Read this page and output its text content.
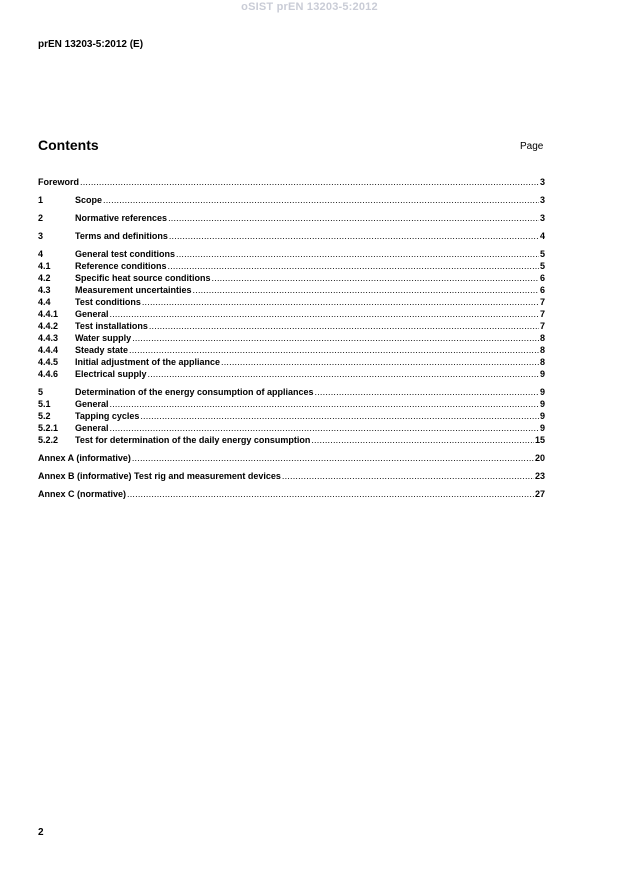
oSIST prEN 13203-5:2012
prEN 13203-5:2012 (E)
Contents	Page
Foreword .....	3
1	Scope .....	3
2	Normative references .....	3
3	Terms and definitions .....	4
4	General test conditions .....	5
4.1	Reference conditions .....	5
4.2	Specific heat source conditions .....	6
4.3	Measurement uncertainties .....	6
4.4	Test conditions .....	7
4.4.1	General .....	7
4.4.2	Test installations .....	7
4.4.3	Water supply .....	8
4.4.4	Steady state .....	8
4.4.5	Initial adjustment of the appliance .....	8
4.4.6	Electrical supply .....	9
5	Determination of the energy consumption of appliances .....	9
5.1	General .....	9
5.2	Tapping cycles .....	9
5.2.1	General .....	9
5.2.2	Test for determination of the daily energy consumption .....	15
Annex A (informative) .....	20
Annex B (informative) Test rig and measurement devices .....	23
Annex C (normative) .....	27
2
